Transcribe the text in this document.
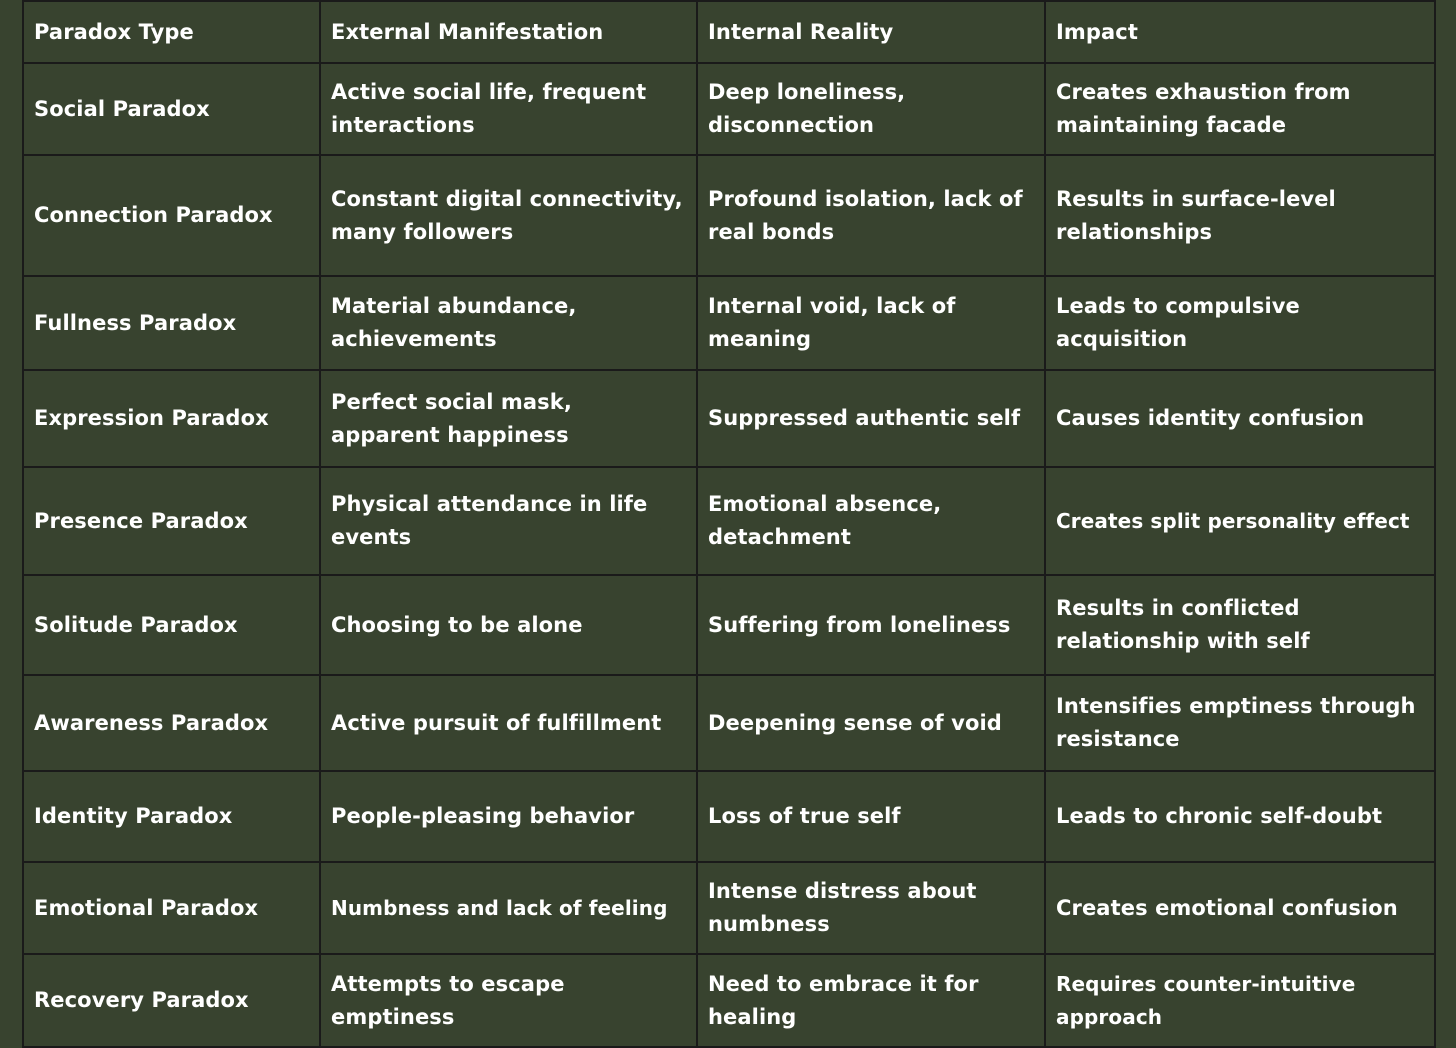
Paradox Type	External Manifestation	Internal Reality	Impact
Social Paradox	Active social life, frequent interactions	Deep loneliness, disconnection	Creates exhaustion from maintaining facade
Connection Paradox	Constant digital connectivity, many followers	Profound isolation, lack of real bonds	Results in surface-level relationships
Fullness Paradox	Material abundance, achievements	Internal void, lack of meaning	Leads to compulsive acquisition
Expression Paradox	Perfect social mask, apparent happiness	Suppressed authentic self	Causes identity confusion
Presence Paradox	Physical attendance in life events	Emotional absence, detachment	Creates split personality effect
Solitude Paradox	Choosing to be alone	Suffering from loneliness	Results in conflicted relationship with self
Awareness Paradox	Active pursuit of fulfillment	Deepening sense of void	Intensifies emptiness through resistance
Identity Paradox	People-pleasing behavior	Loss of true self	Leads to chronic self-doubt
Emotional Paradox	Numbness and lack of feeling	Intense distress about numbness	Creates emotional confusion
Recovery Paradox	Attempts to escape emptiness	Need to embrace it for healing	Requires counter-intuitive approach
